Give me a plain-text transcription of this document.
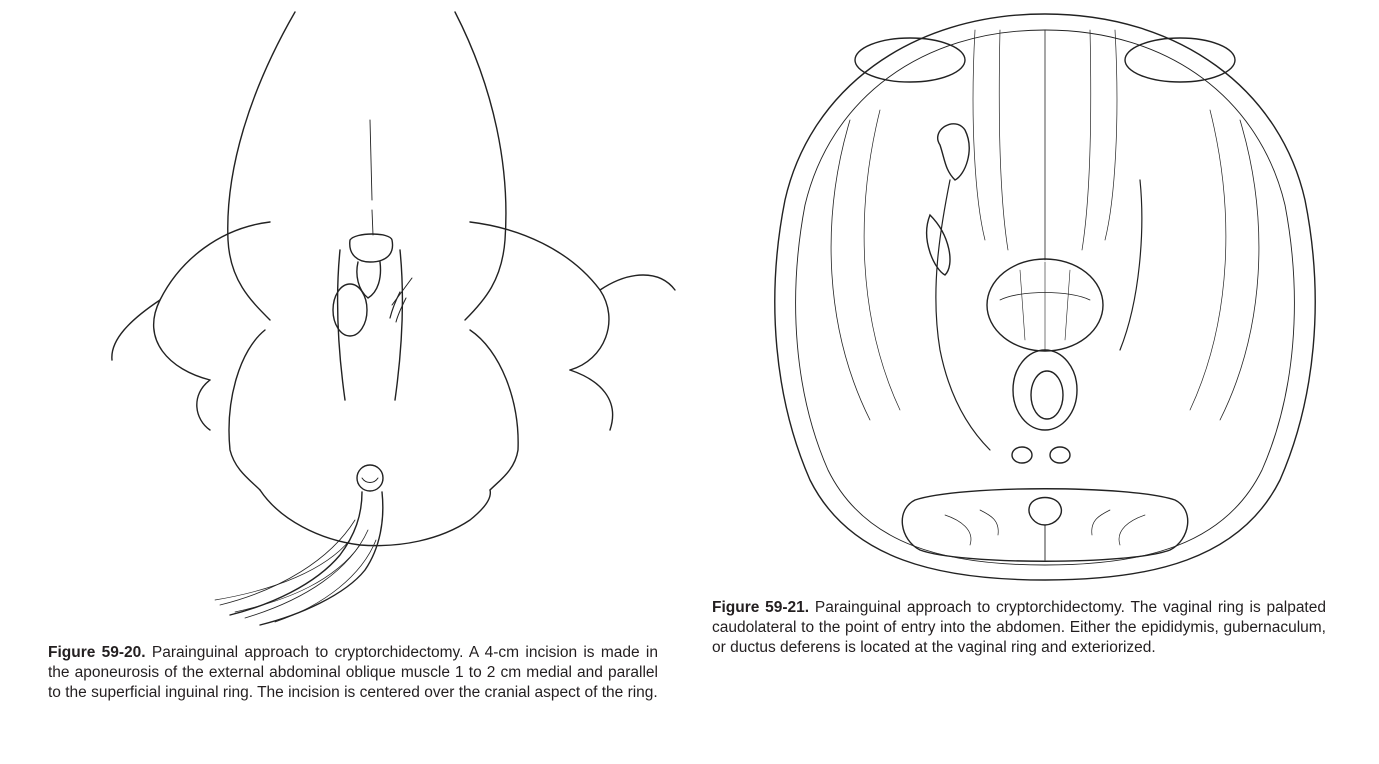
Figure 59-20. Parainguinal approach to cryptorchidectomy. A 4-cm incision is made in the aponeurosis of the external abdominal oblique muscle 1 to 2 cm medial and parallel to the superficial inguinal ring. The incision is centered over the cranial aspect of the ring.
Figure 59-21. Parainguinal approach to cryptorchidectomy. The vaginal ring is palpated caudolateral to the point of entry into the abdomen. Either the epididymis, gubernaculum, or ductus deferens is located at the vaginal ring and exteriorized.
